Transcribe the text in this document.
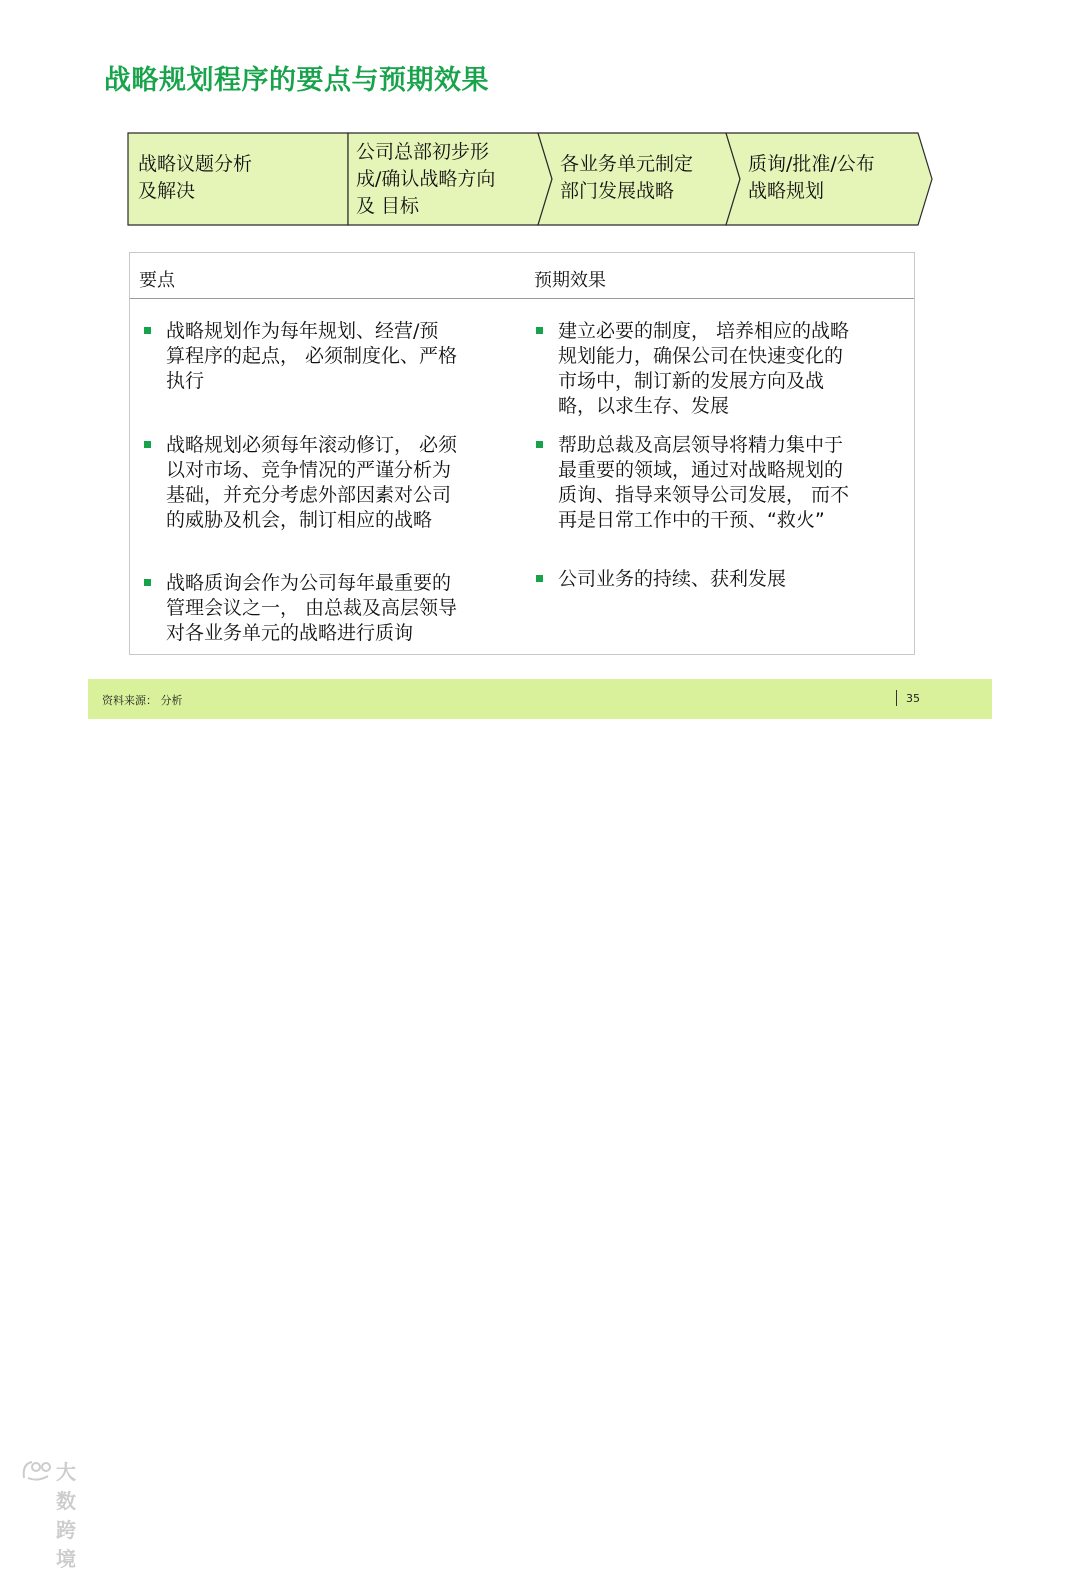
战略规划程序的要点与预期效果
战略议题分析
及解决
公司总部初步形
成/确认战略方向
及 目标
各业务单元制定
部门发展战略
质询/批准/公布
战略规划
要点	预期效果
战略规划作为每年规划、经营/预
算程序的起点， 必须制度化、严格
执行
战略规划必须每年滚动修订， 必须
以对市场、竞争情况的严谨分析为
基础，并充分考虑外部因素对公司
的威胁及机会，制订相应的战略
战略质询会作为公司每年最重要的
管理会议之一， 由总裁及高层领导
对各业务单元的战略进行质询
建立必要的制度， 培养相应的战略
规划能力，确保公司在快速变化的
市场中，制订新的发展方向及战
略，以求生存、发展
帮助总裁及高层领导将精力集中于
最重要的领域，通过对战略规划的
质询、指导来领导公司发展， 而不
再是日常工作中的干预、“救火”
公司业务的持续、获利发展
资料来源： 分析	35
大数跨境
